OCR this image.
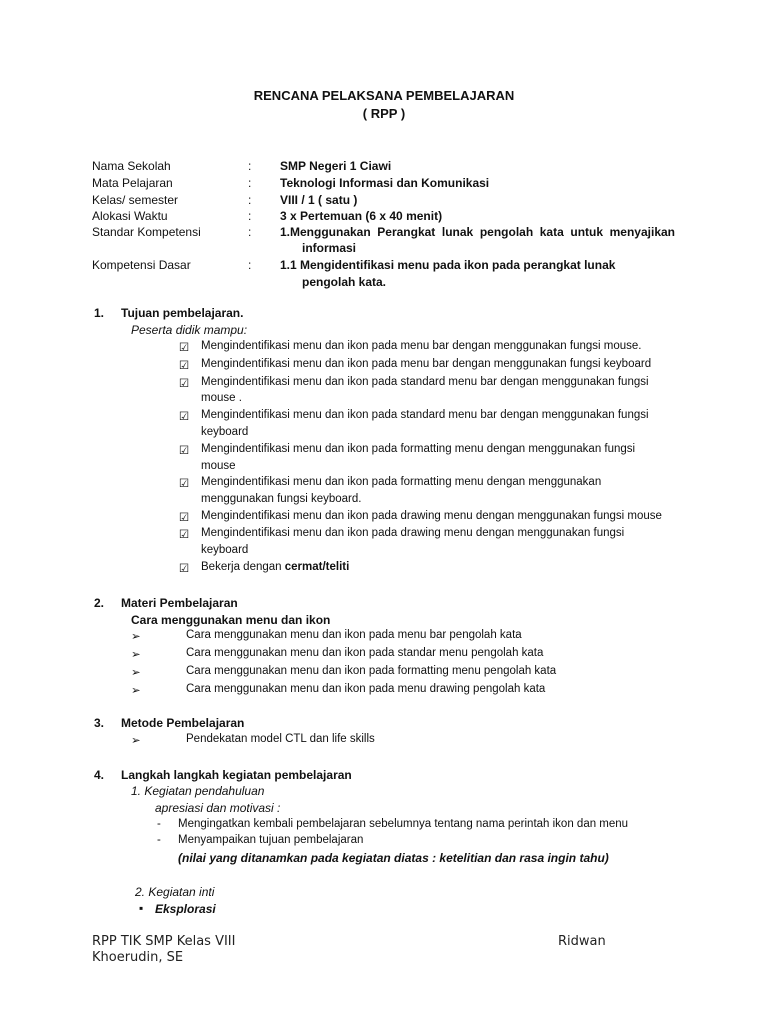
RENCANA PELAKSANA PEMBELAJARAN
( RPP )
Nama Sekolah	: SMP Negeri 1 Ciawi
Mata Pelajaran	: Teknologi Informasi dan Komunikasi
Kelas/ semester	: VIII / 1 ( satu )
Alokasi Waktu	: 3 x Pertemuan (6 x 40 menit)
Standar Kompetensi	: 1.Menggunakan Perangkat lunak pengolah kata untuk menyajikan
informasi
Kompetensi Dasar	: 1.1 Mengidentifikasi menu pada ikon pada perangkat lunak
pengolah kata.
1. Tujuan pembelajaran.
Peserta didik mampu:
☑ Mengindentifikasi menu dan ikon pada menu bar dengan menggunakan fungsi mouse.
☑ Mengindentifikasi menu dan ikon pada menu bar dengan menggunakan fungsi keyboard
☑ Mengindentifikasi menu dan ikon pada standard menu bar dengan menggunakan fungsi
mouse .
☑ Mengindentifikasi menu dan ikon pada standard menu bar dengan menggunakan fungsi
keyboard
☑ Mengindentifikasi menu dan ikon pada formatting menu dengan menggunakan fungsi
mouse
☑ Mengindentifikasi menu dan ikon pada formatting menu dengan menggunakan
menggunakan fungsi keyboard.
☑ Mengindentifikasi menu dan ikon pada drawing menu dengan menggunakan fungsi mouse
☑ Mengindentifikasi menu dan ikon pada drawing menu dengan menggunakan fungsi
keyboard
☑ Bekerja dengan cermat/teliti
2. Materi Pembelajaran
Cara menggunakan menu dan ikon
➢	Cara menggunakan menu dan ikon pada menu bar pengolah kata
➢	Cara menggunakan menu dan ikon pada standar menu pengolah kata
➢	Cara menggunakan menu dan ikon pada formatting menu pengolah kata
➢	Cara menggunakan menu dan ikon pada menu drawing pengolah kata
3. Metode Pembelajaran
➢	Pendekatan model CTL dan life skills
4. Langkah langkah kegiatan pembelajaran
1. Kegiatan pendahuluan
apresiasi dan motivasi :
- Mengingatkan kembali pembelajaran sebelumnya tentang nama perintah ikon dan menu
- Menyampaikan tujuan pembelajaran
(nilai yang ditanamkan pada kegiatan diatas : ketelitian dan rasa ingin tahu)
2. Kegiatan inti
▪ Eksplorasi
RPP TIK SMP Kelas VIII	Ridwan
Khoerudin, SE
